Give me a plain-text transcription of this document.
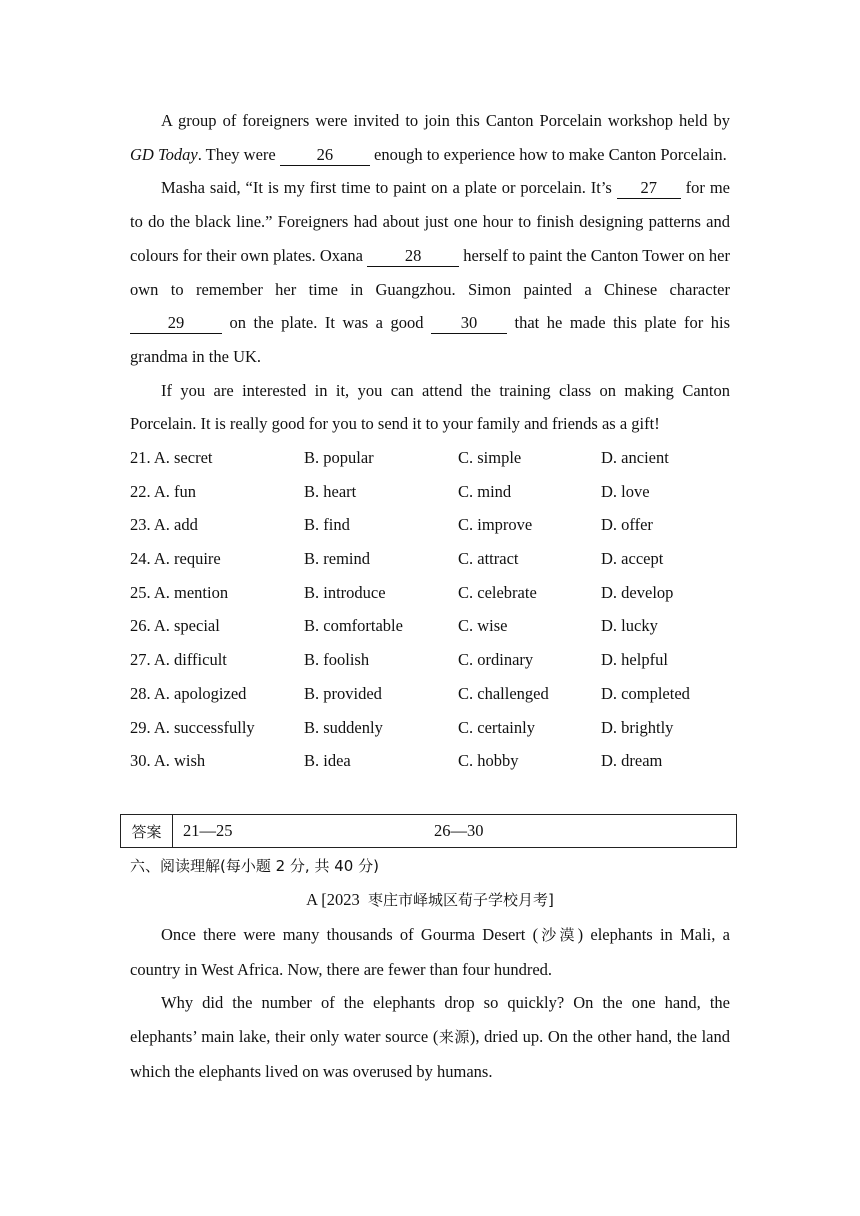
A group of foreigners were invited to join this Canton Porcelain workshop held by GD Today. They were 26 enough to experience how to make Canton Porcelain.

Masha said, “It is my first time to paint on a plate or porcelain. It’s 27 for me to do the black line.” Foreigners had about just one hour to finish designing patterns and colours for their own plates. Oxana 28 herself to paint the Canton Tower on her own to remember her time in Guangzhou. Simon painted a Chinese character 29 on the plate. It was a good 30 that he made this plate for his grandma in the UK.

If you are interested in it, you can attend the training class on making Canton Porcelain. It is really good for you to send it to your family and friends as a gift!

21. A. secret	B. popular	C. simple	D. ancient
22. A. fun	B. heart	C. mind	D. love
23. A. add	B. find	C. improve	D. offer
24. A. require	B. remind	C. attract	D. accept
25. A. mention	B. introduce	C. celebrate	D. develop
26. A. special	B. comfortable	C. wise	D. lucky
27. A. difficult	B. foolish	C. ordinary	D. helpful
28. A. apologized	B. provided	C. challenged	D. completed
29. A. successfully	B. suddenly	C. certainly	D. brightly
30. A. wish	B. idea	C. hobby	D. dream
答案	21—25	26—30
六、阅读理解(每小题 2 分, 共 40 分)
A [2023 枣庄市峄城区荀子学校月考]

Once there were many thousands of Gourma Desert (沙漠) elephants in Mali, a country in West Africa. Now, there are fewer than four hundred.

Why did the number of the elephants drop so quickly? On the one hand, the elephants’ main lake, their only water source (来源), dried up. On the other hand, the land which the elephants lived on was overused by humans.
